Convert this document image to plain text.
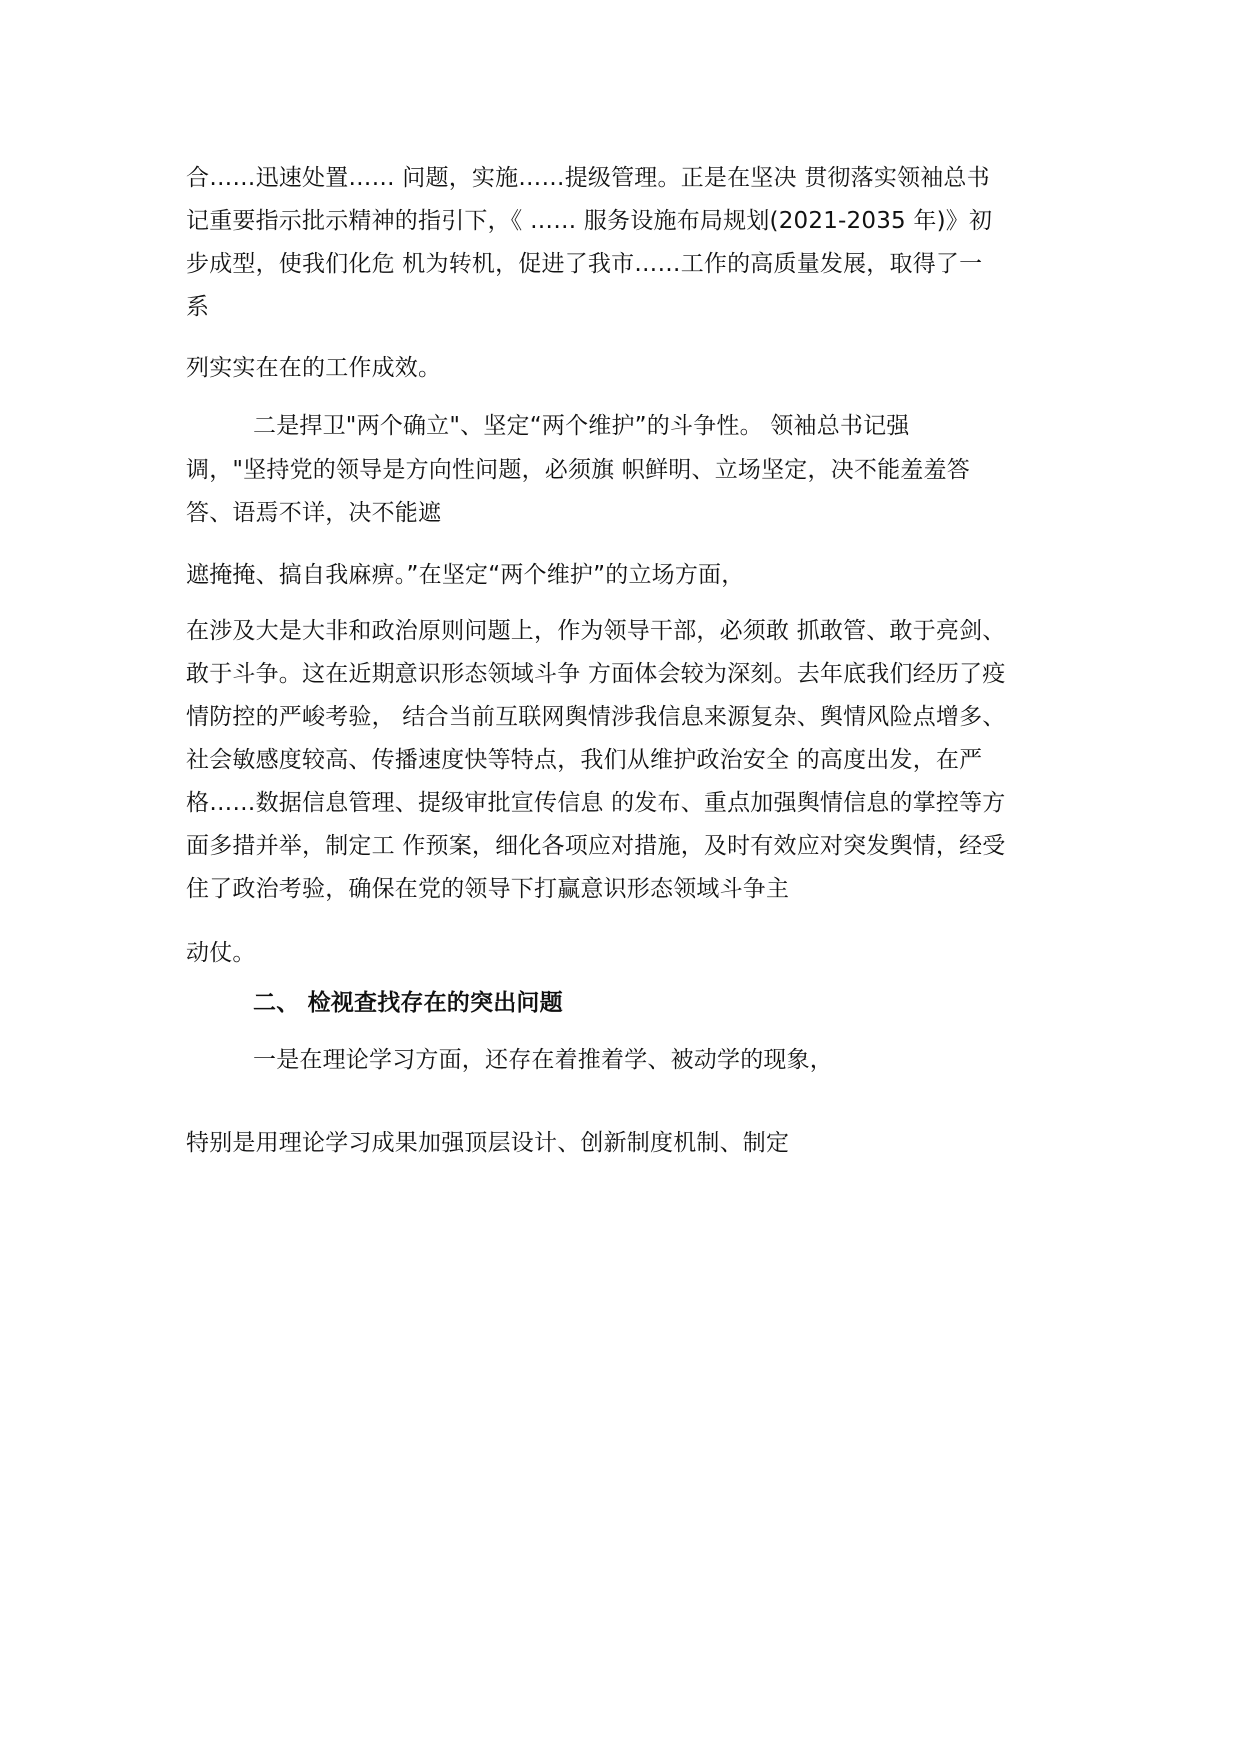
合……迅速处置…… 问题，实施……提级管理。正是在坚决 贯彻落实领袖总书
记重要指示批示精神的指引下，《 …… 服务设施布局规划(2021-2035 年)》初
步成型，使我们化危 机为转机，促进了我市……工作的高质量发展，取得了一
系
列实实在在的工作成效。
二是捍卫"两个确立"、坚定“两个维护”的斗争性。 领袖总书记强
调，"坚持党的领导是方向性问题，必须旗 帜鲜明、立场坚定，决不能羞羞答
答、语焉不详，决不能遮
遮掩掩、搞自我麻痹。”在坚定“两个维护”的立场方面，
在涉及大是大非和政治原则问题上，作为领导干部，必须敢 抓敢管、敢于亮剑、
敢于斗争。这在近期意识形态领域斗争 方面体会较为深刻。去年底我们经历了疫
情防控的严峻考验， 结合当前互联网舆情涉我信息来源复杂、舆情风险点增多、
社会敏感度较高、传播速度快等特点，我们从维护政治安全 的高度出发，在严
格……数据信息管理、提级审批宣传信息 的发布、重点加强舆情信息的掌控等方
面多措并举，制定工 作预案，细化各项应对措施，及时有效应对突发舆情，经受
住了政治考验，确保在党的领导下打赢意识形态领域斗争主
动仗。
二、 检视查找存在的突出问题
一是在理论学习方面，还存在着推着学、被动学的现象，
特别是用理论学习成果加强顶层设计、创新制度机制、制定
